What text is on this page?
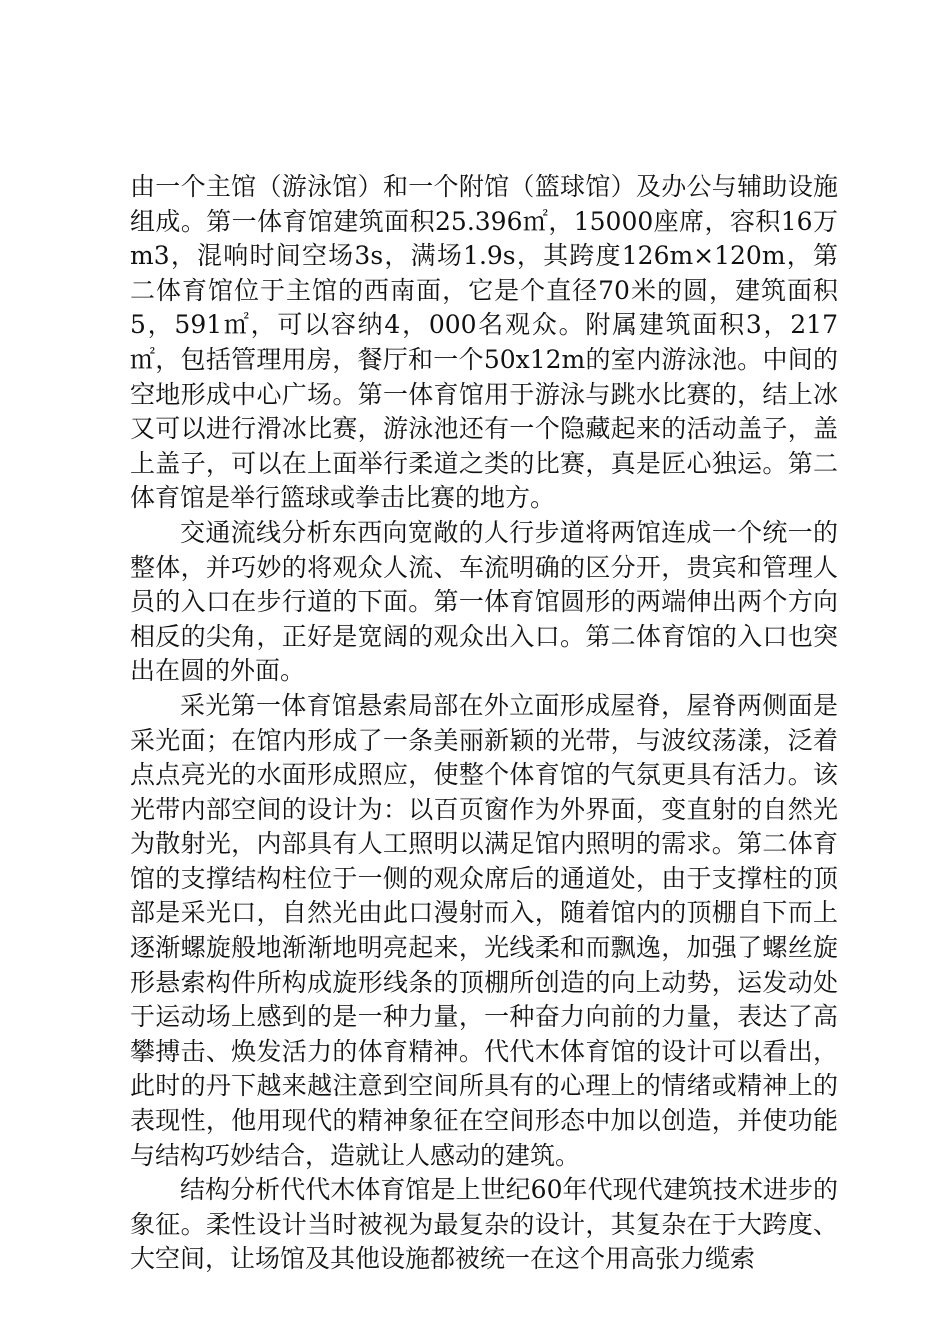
由一个主馆（游泳馆）和一个附馆（篮球馆）及办公与辅助设施组成。第一体育馆建筑面积25.396㎡，15000座席，容积16万m3，混响时间空场3s，满场1.9s，其跨度126m×120m，第二体育馆位于主馆的西南面，它是个直径70米的圆，建筑面积5，591㎡，可以容纳4，000名观众。附属建筑面积3，217㎡，包括管理用房，餐厅和一个50x12m的室内游泳池。中间的空地形成中心广场。第一体育馆用于游泳与跳水比赛的，结上冰又可以进行滑冰比赛，游泳池还有一个隐藏起来的活动盖子，盖上盖子，可以在上面举行柔道之类的比赛，真是匠心独运。第二体育馆是举行篮球或拳击比赛的地方。

交通流线分析东西向宽敞的人行步道将两馆连成一个统一的整体，并巧妙的将观众人流、车流明确的区分开，贵宾和管理人员的入口在步行道的下面。第一体育馆圆形的两端伸出两个方向相反的尖角，正好是宽阔的观众出入口。第二体育馆的入口也突出在圆的外面。

采光第一体育馆悬索局部在外立面形成屋脊，屋脊两侧面是采光面；在馆内形成了一条美丽新颖的光带，与波纹荡漾，泛着点点亮光的水面形成照应，使整个体育馆的气氛更具有活力。该光带内部空间的设计为：以百页窗作为外界面，变直射的自然光为散射光，内部具有人工照明以满足馆内照明的需求。第二体育馆的支撑结构柱位于一侧的观众席后的通道处，由于支撑柱的顶部是采光口，自然光由此口漫射而入，随着馆内的顶棚自下而上逐渐螺旋般地渐渐地明亮起来，光线柔和而飘逸，加强了螺丝旋形悬索构件所构成旋形线条的顶棚所创造的向上动势，运发动处于运动场上感到的是一种力量，一种奋力向前的力量，表达了高攀搏击、焕发活力的体育精神。代代木体育馆的设计可以看出，此时的丹下越来越注意到空间所具有的心理上的情绪或精神上的表现性，他用现代的精神象征在空间形态中加以创造，并使功能与结构巧妙结合，造就让人感动的建筑。

结构分析代代木体育馆是上世纪60年代现代建筑技术进步的象征。柔性设计当时被视为最复杂的设计，其复杂在于大跨度、大空间，让场馆及其他设施都被统一在这个用高张力缆索
